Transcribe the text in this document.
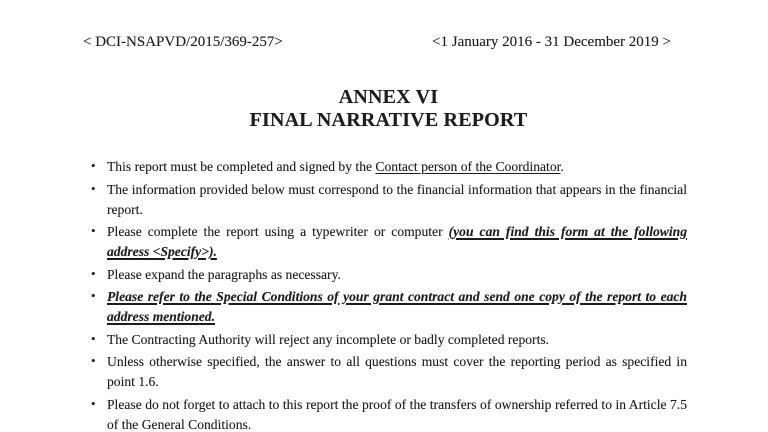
< DCI-NSAPVD/2015/369-257>	<1 January 2016 - 31 December 2019 >
ANNEX VI
FINAL NARRATIVE REPORT
• This report must be completed and signed by the Contact person of the Coordinator.
• The information provided below must correspond to the financial information that appears in the financial report.
• Please complete the report using a typewriter or computer (you can find this form at the following address <Specify>).
• Please expand the paragraphs as necessary.
• Please refer to the Special Conditions of your grant contract and send one copy of the report to each address mentioned.
• The Contracting Authority will reject any incomplete or badly completed reports.
• Unless otherwise specified, the answer to all questions must cover the reporting period as specified in point 1.6.
• Please do not forget to attach to this report the proof of the transfers of ownership referred to in Article 7.5 of the General Conditions.
